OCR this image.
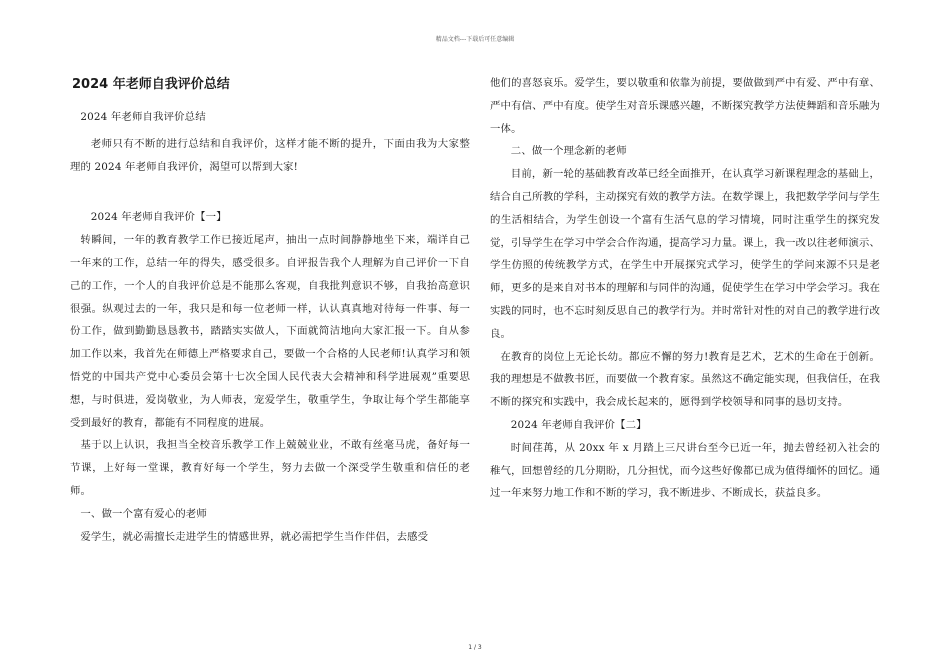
精品文档---下载后可任意编辑
2024 年老师自我评价总结

2024 年老师自我评价总结

老师只有不断的进行总结和自我评价，这样才能不断的提升，下面由我为大家整理的 2024 年老师自我评价，渴望可以帮到大家!

2024 年老师自我评价【一】

转瞬间，一年的教育教学工作已接近尾声，抽出一点时间静静地坐下来，端详自己一年来的工作，总结一年的得失，感受很多。自评报告我个人理解为自己评价一下自己的工作，一个人的自我评价总是不能那么客观，自我批判意识不够，自我抬高意识很强。纵观过去的一年，我只是和每一位老师一样，认认真真地对待每一件事、每一份工作，做到勤勤恳恳教书，踏踏实实做人，下面就简洁地向大家汇报一下。自从参加工作以来，我首先在师德上严格要求自己，要做一个合格的人民老师!认真学习和领悟党的中国共产党中心委员会第十七次全国人民代表大会精神和科学进展观”重要思想，与时俱进，爱岗敬业，为人师表，宠爱学生，敬重学生，争取让每个学生都能享受到最好的教育，都能有不同程度的进展。

基于以上认识，我担当全校音乐教学工作上兢兢业业，不敢有丝毫马虎，备好每一节课，上好每一堂课，教育好每一个学生，努力去做一个深受学生敬重和信任的老师。

一、做一个富有爱心的老师

爱学生，就必需擅长走进学生的情感世界，就必需把学生当作伴侣，去感受

他们的喜怒哀乐。爱学生，要以敬重和依靠为前提，要做做到严中有爱、严中有章、严中有信、严中有度。使学生对音乐课感兴趣，不断探究教学方法使舞蹈和音乐融为一体。

二、做一个理念新的老师

目前，新一轮的基础教育改革已经全面推开，在认真学习新课程理念的基础上，结合自己所教的学科，主动探究有效的教学方法。在数学课上，我把数学学问与学生的生活相结合，为学生创设一个富有生活气息的学习情境，同时注重学生的探究发觉，引导学生在学习中学会合作沟通，提高学习力量。课上，我一改以往老师演示、学生仿照的传统教学方式，在学生中开展探究式学习，使学生的学问来源不只是老师，更多的是来自对书本的理解和与同伴的沟通，促使学生在学习中学会学习。我在实践的同时，也不忘时刻反思自己的教学行为。并时常针对性的对自己的教学进行改良。

在教育的岗位上无论长幼。都应不懈的努力!教育是艺术，艺术的生命在于创新。我的理想是不做教书匠，而要做一个教育家。虽然这不确定能实现，但我信任，在我不断的探究和实践中，我会成长起来的，愿得到学校领导和同事的恳切支持。

2024 年老师自我评价【二】

时间荏苒，从 20xx 年 x 月踏上三尺讲台至今已近一年，抛去曾经初入社会的稚气，回想曾经的几分期盼，几分担忧，而今这些好像都已成为值得缅怀的回忆。通过一年来努力地工作和不断的学习，我不断进步、不断成长，获益良多。

1 / 3
